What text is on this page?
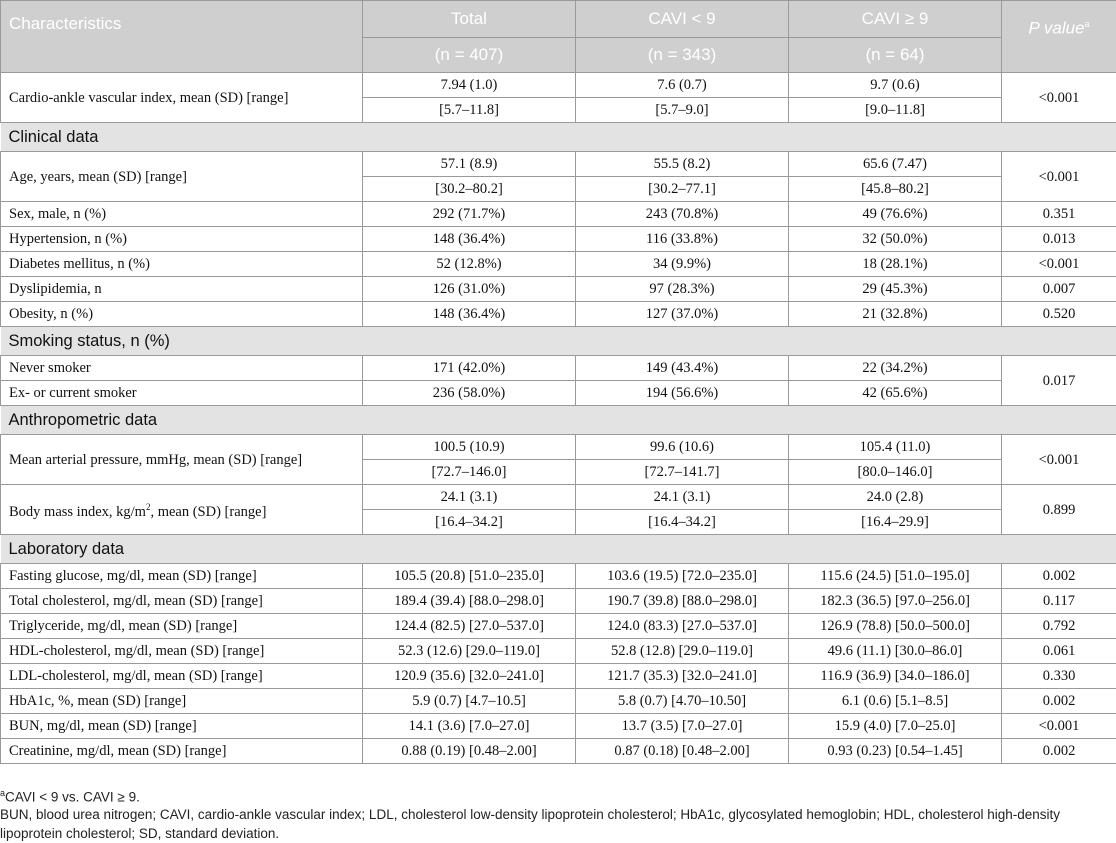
Characteristics	Total	CAVI < 9	CAVI ≥ 9	P value$^a$
	(n = 407)	(n = 343)	(n = 64)	
Cardio-ankle vascular index, mean (SD) [range]	7.94 (1.0)	7.6 (0.7)	9.7 (0.6)	<0.001
	[5.7–11.8]	[5.7–9.0]	[9.0–11.8]	
Clinical data				
Age, years, mean (SD) [range]	57.1 (8.9)	55.5 (8.2)	65.6 (7.47)	<0.001
	[30.2–80.2]	[30.2–77.1]	[45.8–80.2]	
Sex, male, n (%)	292 (71.7%)	243 (70.8%)	49 (76.6%)	0.351
Hypertension, n (%)	148 (36.4%)	116 (33.8%)	32 (50.0%)	0.013
Diabetes mellitus, n (%)	52 (12.8%)	34 (9.9%)	18 (28.1%)	<0.001
Dyslipidemia, n	126 (31.0%)	97 (28.3%)	29 (45.3%)	0.007
Obesity, n (%)	148 (36.4%)	127 (37.0%)	21 (32.8%)	0.520
Smoking status, n (%)				
Never smoker	171 (42.0%)	149 (43.4%)	22 (34.2%)	0.017
Ex- or current smoker	236 (58.0%)	194 (56.6%)	42 (65.6%)	
Anthropometric data				
Mean arterial pressure, mmHg, mean (SD) [range]	100.5 (10.9)	99.6 (10.6)	105.4 (11.0)	<0.001
	[72.7–146.0]	[72.7–141.7]	[80.0–146.0]	
Body mass index, $kg/m^2$, mean (SD) [range]	24.1 (3.1)	24.1 (3.1)	24.0 (2.8)	0.899
	[16.4–34.2]	[16.4–34.2]	[16.4–29.9]	
Laboratory data				
Fasting glucose, mg/dl, mean (SD) [range]	105.5 (20.8) [51.0–235.0]	103.6 (19.5) [72.0–235.0]	115.6 (24.5) [51.0–195.0]	0.002
Total cholesterol, mg/dl, mean (SD) [range]	189.4 (39.4) [88.0–298.0]	190.7 (39.8) [88.0–298.0]	182.3 (36.5) [97.0–256.0]	0.117
Triglyceride, mg/dl, mean (SD) [range]	124.4 (82.5) [27.0–537.0]	124.0 (83.3) [27.0–537.0]	126.9 (78.8) [50.0–500.0]	0.792
HDL-cholesterol, mg/dl, mean (SD) [range]	52.3 (12.6) [29.0–119.0]	52.8 (12.8) [29.0–119.0]	49.6 (11.1) [30.0–86.0]	0.061
LDL-cholesterol, mg/dl, mean (SD) [range]	120.9 (35.6) [32.0–241.0]	121.7 (35.3) [32.0–241.0]	116.9 (36.9) [34.0–186.0]	0.330
HbA1c, %, mean (SD) [range]	5.9 (0.7) [4.7–10.5]	5.8 (0.7) [4.70–10.50]	6.1 (0.6) [5.1–8.5]	0.002
BUN, mg/dl, mean (SD) [range]	14.1 (3.6) [7.0–27.0]	13.7 (3.5) [7.0–27.0]	15.9 (4.0) [7.0–25.0]	<0.001
Creatinine, mg/dl, mean (SD) [range]	0.88 (0.19) [0.48–2.00]	0.87 (0.18) [0.48–2.00]	0.93 (0.23) [0.54–1.45]	0.002
$^a$CAVI < 9 vs. CAVI ≥ 9.
BUN, blood urea nitrogen; CAVI, cardio-ankle vascular index; LDL, cholesterol low-density lipoprotein cholesterol; HbA1c, glycosylated hemoglobin; HDL, cholesterol high-density lipoprotein cholesterol; SD, standard deviation.
